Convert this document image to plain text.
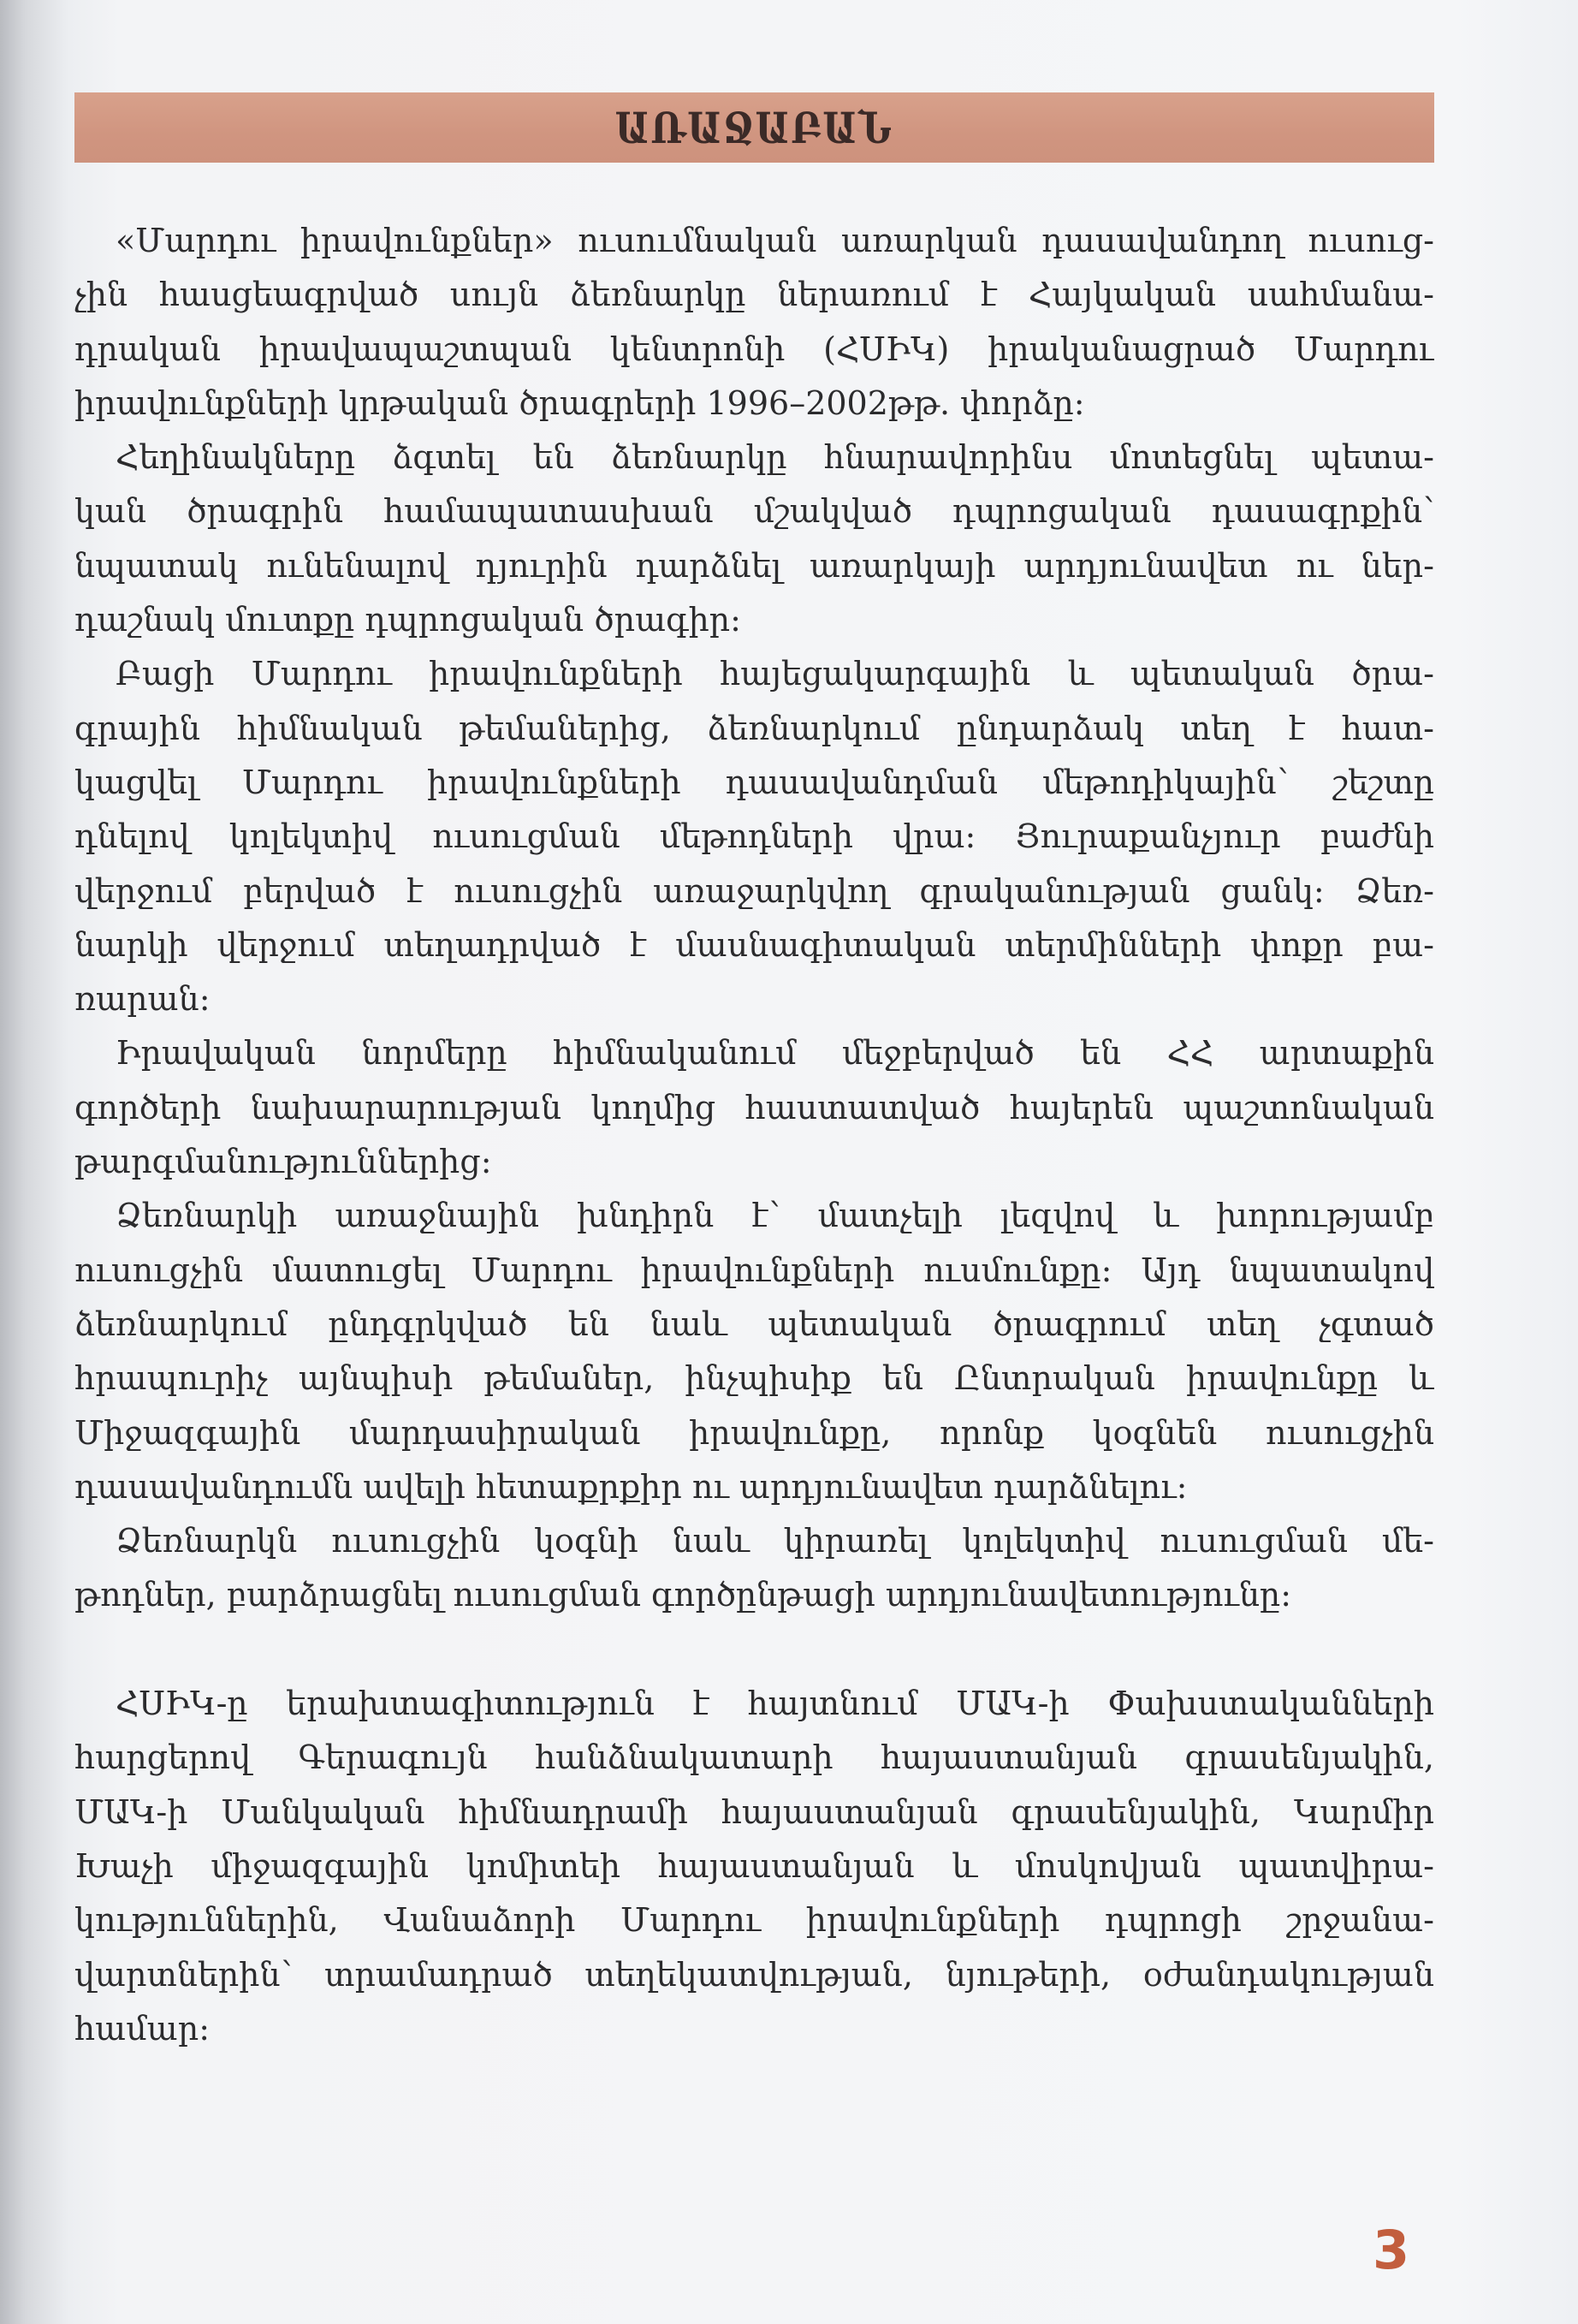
ԱՌԱՋԱԲԱՆ
«Մարդու իրավունքներ» ուսումնական առարկան դասավանդող ուսուց-
չին հասցեագրված սույն ձեռնարկը ներառում է Հայկական սահմանա-
դրական իրավապաշտպան կենտրոնի (ՀՍԻԿ) իրականացրած Մարդու
իրավունքների կրթական ծրագրերի 1996–2002թթ. փորձը:
Հեղինակները ձգտել են ձեռնարկը հնարավորինս մոտեցնել պետա-
կան ծրագրին համապատասխան մշակված դպրոցական դասագրքին՝
նպատակ ունենալով դյուրին դարձնել առարկայի արդյունավետ ու ներ-
դաշնակ մուտքը դպրոցական ծրագիր:
Բացի Մարդու իրավունքների հայեցակարգային և պետական ծրա-
գրային հիմնական թեմաներից, ձեռնարկում ընդարձակ տեղ է հատ-
կացվել Մարդու իրավունքների դասավանդման մեթոդիկային՝ շեշտը
դնելով կոլեկտիվ ուսուցման մեթոդների վրա: Յուրաքանչյուր բաժնի
վերջում բերված է ուսուցչին առաջարկվող գրականության ցանկ: Ձեռ-
նարկի վերջում տեղադրված է մասնագիտական տերմինների փոքր բա-
ռարան:
Իրավական նորմերը հիմնականում մեջբերված են ՀՀ արտաքին
գործերի նախարարության կողմից հաստատված հայերեն պաշտոնական
թարգմանություններից:
Ձեռնարկի առաջնային խնդիրն է՝ մատչելի լեզվով և խորությամբ
ուսուցչին մատուցել Մարդու իրավունքների ուսմունքը: Այդ նպատակով
ձեռնարկում ընդգրկված են նաև պետական ծրագրում տեղ չգտած
հրապուրիչ այնպիսի թեմաներ, ինչպիսիք են Ընտրական իրավունքը և
Միջազգային մարդասիրական իրավունքը, որոնք կօգնեն ուսուցչին
դասավանդումն ավելի հետաքրքիր ու արդյունավետ դարձնելու:
Ձեռնարկն ուսուցչին կօգնի նաև կիրառել կոլեկտիվ ուսուցման մե-
թոդներ, բարձրացնել ուսուցման գործընթացի արդյունավետությունը:
ՀՍԻԿ-ը երախտագիտություն է հայտնում ՄԱԿ-ի Փախստականների
հարցերով Գերագույն հանձնակատարի հայաստանյան գրասենյակին,
ՄԱԿ-ի Մանկական հիմնադրամի հայաստանյան գրասենյակին, Կարմիր
Խաչի միջազգային կոմիտեի հայաստանյան և մոսկովյան պատվիրա-
կություններին, Վանաձորի Մարդու իրավունքների դպրոցի շրջանա-
վարտներին՝ տրամադրած տեղեկատվության, նյութերի, օժանդակության
համար:
3
